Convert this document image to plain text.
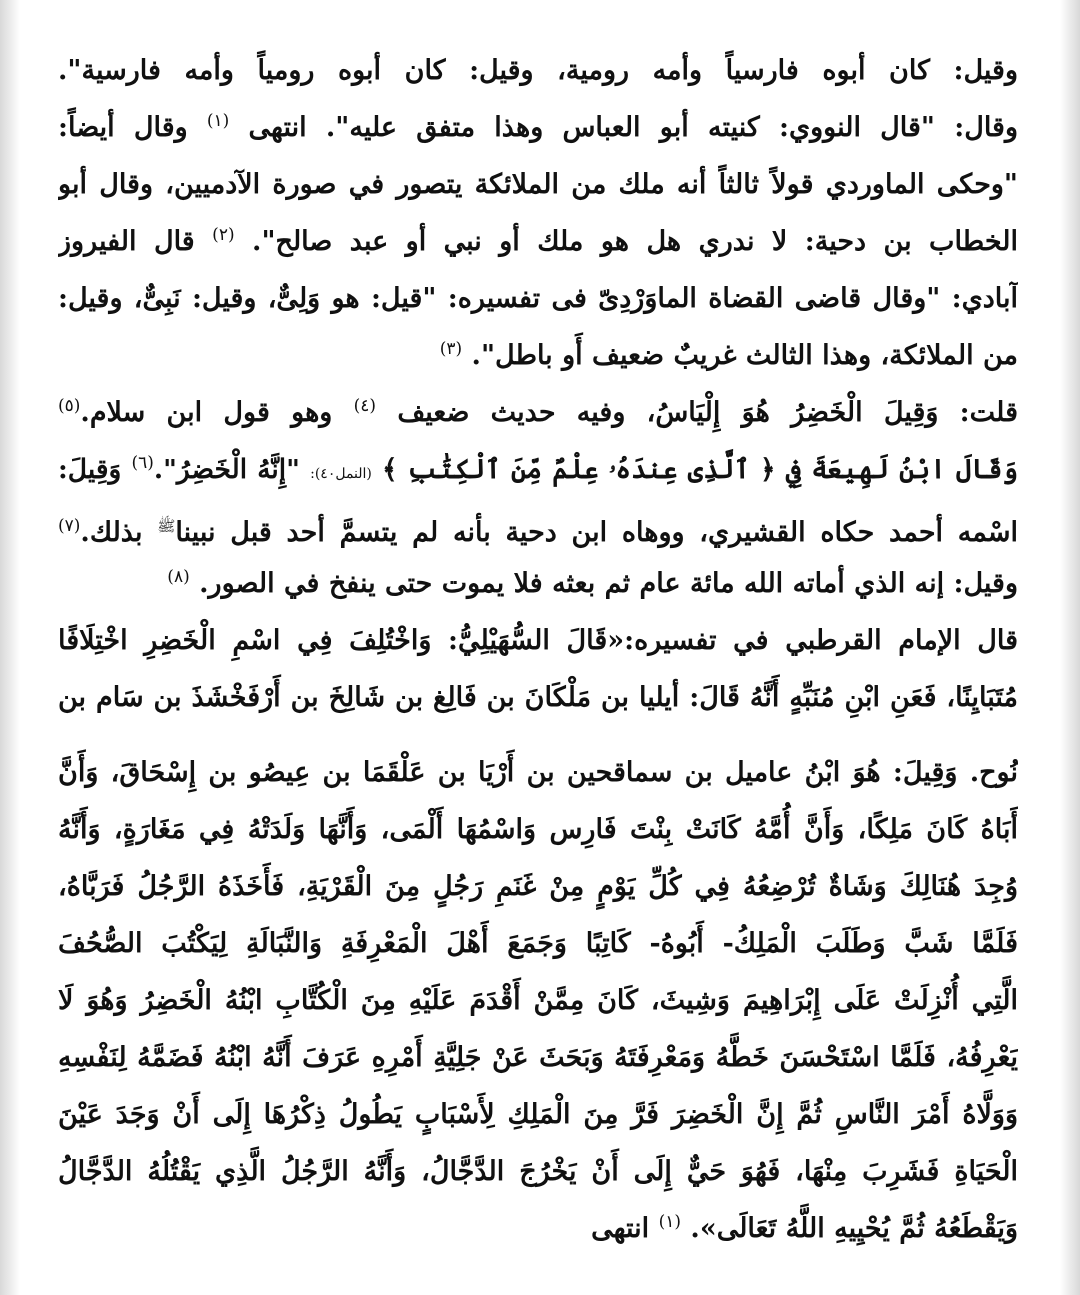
وقيل: كان أبوه فارسياً وأمه رومية، وقيل: كان أبوه رومياً وأمه فارسية".
وقال: "قال النووي: كنيته أبو العباس وهذا متفق عليه". انتهى $^{(١)}$ وقال أيضاً:
"وحكى الماوردي قولاً ثالثاً أنه ملك من الملائكة يتصور في صورة الآدميين، وقال أبو
الخطاب بن دحية: لا ندري هل هو ملك أو نبي أو عبد صالح". $^{(٢)}$ قال الفيروز
آبادي: "وقال قاضى القضاة الماوَرْدِىّ فى تفسيره: "قيل: هو وَلِىٌّ، وقيل: نَبِىٌّ، وقيل:
من الملائكة، وهذا الثالث غريبٌ ضعيف أَو باطل". $^{(٣)}$
قلت: وَقِيلَ الْخَضِرُ هُوَ إِلْيَاسُ، وفيه حديث ضعيف $^{(٤)}$ وهو قول ابن سلام.$^{(٥)}$
وَقَالَ ابْنُ لَهِيعَةَ فِي ﴿ ٱلَّذِى عِندَهُۥ عِلْمٌ مِّنَ ٱلْكِتَٰبِ ﴾ (النمل٤٠): "إِنَّهُ الْخَضِرُ".$^{(٦)}$ وَقِيلَ:
اسْمه أحمد حكاه القشيري، ووهاه ابن دحية بأنه لم يتسمَّ أحد قبل نبينا$^ﷺ$ بذلك.$^{(٧)}$
وقيل: إنه الذي أماته الله مائة عام ثم بعثه فلا يموت حتى ينفخ في الصور. $^{(٨)}$
قال الإمام القرطبي في تفسيره:«قَالَ السُّهَيْلِيُّ: وَاخْتُلِفَ فِي اسْمِ الْخَضِرِ اخْتِلَافًا
مُتَبَايِنًا، فَعَنِ ابْنِ مُنَبِّهٍ أَنَّهُ قَالَ: أيليا بن مَلْكَانَ بن فَالِغ بن شَالِخَ بن أَرْفَخْشَذَ بن سَام بن
نُوح. وَقِيلَ: هُوَ ابْنُ عاميل بن سماقحين بن أَرْيَا بن عَلْقَمَا بن عِيصُو بن إِسْحَاقَ، وَأَنَّ
أَبَاهُ كَانَ مَلِكًا، وَأَنَّ أُمَّهُ كَانَتْ بِنْتَ فَارِس وَاسْمُهَا أَلْمَى، وَأَنَّهَا وَلَدَتْهُ فِي مَغَارَةٍ، وَأَنَّهُ
وُجِدَ هُنَالِكَ وَشَاةٌ تُرْضِعُهُ فِي كُلِّ يَوْمٍ مِنْ غَنَمِ رَجُلٍ مِنَ الْقَرْيَةِ، فَأَخَذَهُ الرَّجُلُ فَرَبَّاهُ،
فَلَمَّا شَبَّ وَطَلَبَ الْمَلِكُ- أَبُوهُ- كَاتِبًا وَجَمَعَ أَهْلَ الْمَعْرِفَةِ وَالنَّبَالَةِ لِيَكْتُبَ الصُّحُفَ
الَّتِي أُنْزِلَتْ عَلَى إِبْرَاهِيمَ وَشِيثَ، كَانَ مِمَّنْ أَقْدَمَ عَلَيْهِ مِنَ الْكُتَّابِ ابْنُهُ الْخَضِرُ وَهُوَ لَا
يَعْرِفُهُ، فَلَمَّا اسْتَحْسَنَ خَطَّهُ وَمَعْرِفَتَهُ وَبَحَثَ عَنْ جَلِيَّةِ أَمْرِهِ عَرَفَ أَنَّهُ ابْنُهُ فَضَمَّهُ لِنَفْسِهِ
وَوَلَّاهُ أَمْرَ النَّاسِ ثُمَّ إِنَّ الْخَضِرَ فَرَّ مِنَ الْمَلِكِ لِأَسْبَابٍ يَطُولُ ذِكْرُهَا إِلَى أَنْ وَجَدَ عَيْنَ
الْحَيَاةِ فَشَرِبَ مِنْهَا، فَهُوَ حَيٌّ إِلَى أَنْ يَخْرُجَ الدَّجَّالُ، وَأَنَّهُ الرَّجُلُ الَّذِي يَقْتُلُهُ الدَّجَّالُ
وَيَقْطَعُهُ ثُمَّ يُحْيِيهِ اللَّهُ تَعَالَى». $^{(١)}$ انتهى
